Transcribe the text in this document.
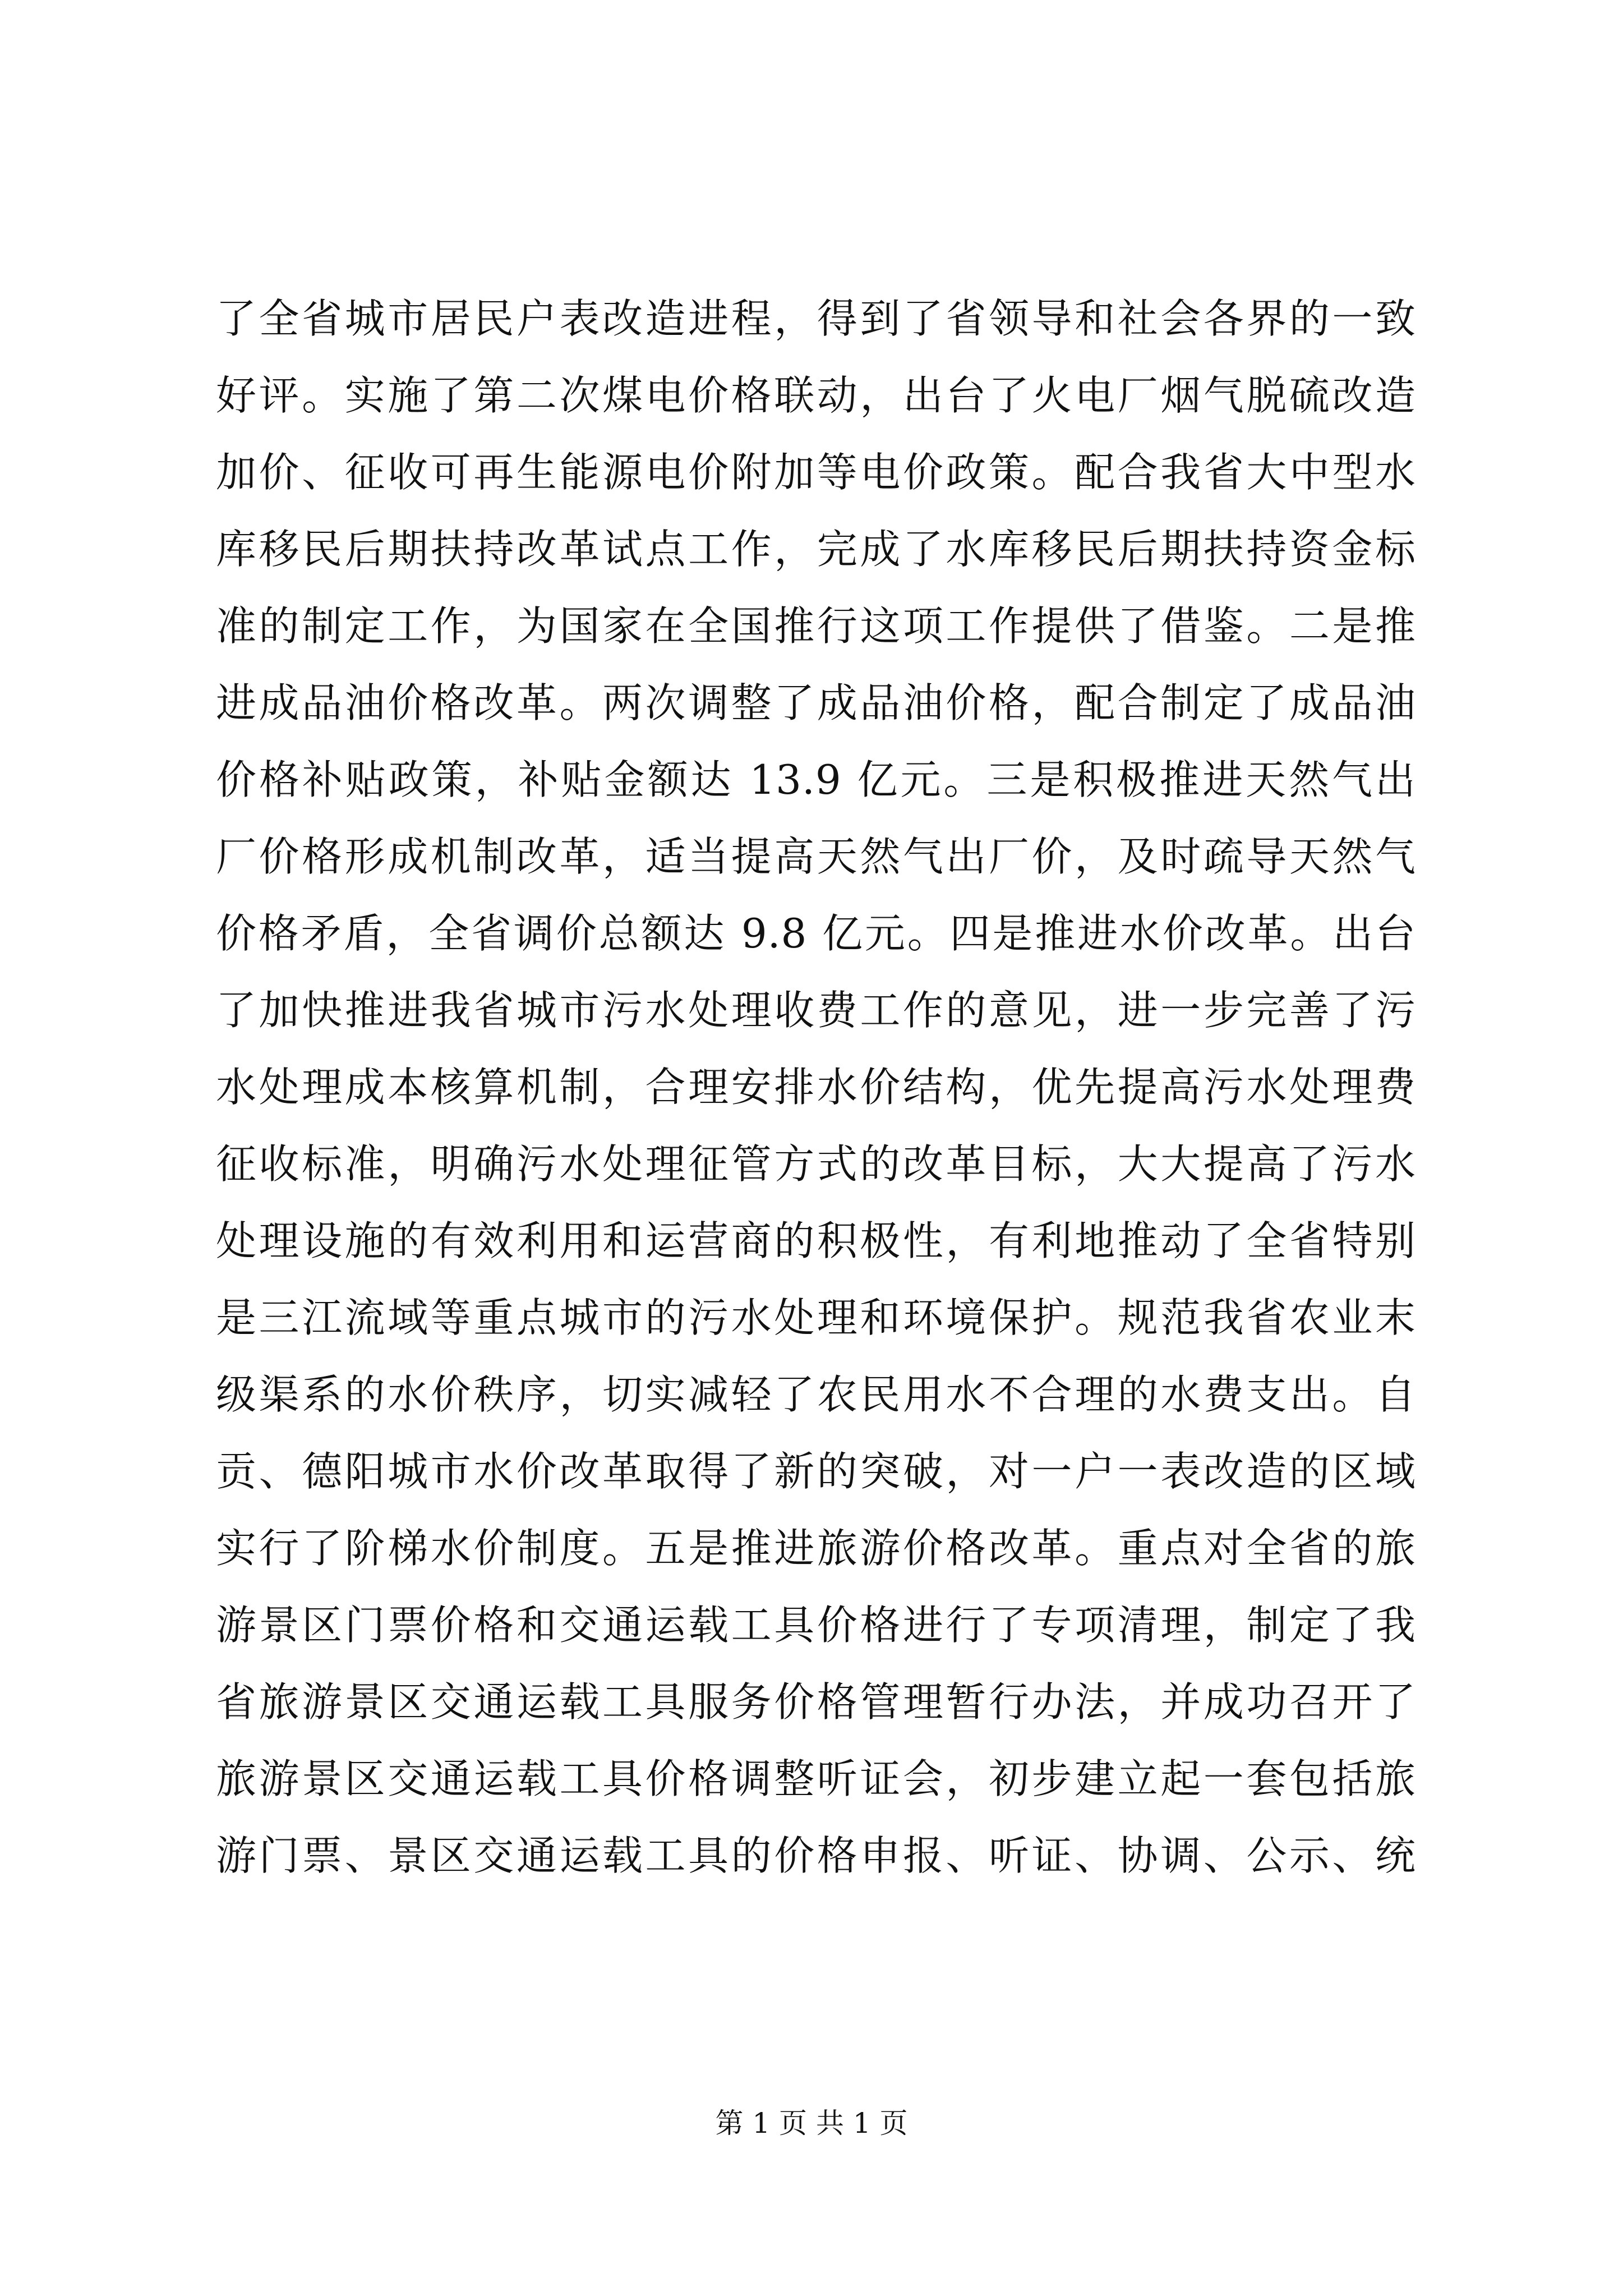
了全省城市居民户表改造进程，得到了省领导和社会各界的一致
好评。实施了第二次煤电价格联动，出台了火电厂烟气脱硫改造
加价、征收可再生能源电价附加等电价政策。配合我省大中型水
库移民后期扶持改革试点工作，完成了水库移民后期扶持资金标
准的制定工作，为国家在全国推行这项工作提供了借鉴。二是推
进成品油价格改革。两次调整了成品油价格，配合制定了成品油
价格补贴政策，补贴金额达 13.9 亿元。三是积极推进天然气出
厂价格形成机制改革，适当提高天然气出厂价，及时疏导天然气
价格矛盾，全省调价总额达 9.8 亿元。四是推进水价改革。出台
了加快推进我省城市污水处理收费工作的意见，进一步完善了污
水处理成本核算机制，合理安排水价结构，优先提高污水处理费
征收标准，明确污水处理征管方式的改革目标，大大提高了污水
处理设施的有效利用和运营商的积极性，有利地推动了全省特别
是三江流域等重点城市的污水处理和环境保护。规范我省农业末
级渠系的水价秩序，切实减轻了农民用水不合理的水费支出。自
贡、德阳城市水价改革取得了新的突破，对一户一表改造的区域
实行了阶梯水价制度。五是推进旅游价格改革。重点对全省的旅
游景区门票价格和交通运载工具价格进行了专项清理，制定了我
省旅游景区交通运载工具服务价格管理暂行办法，并成功召开了
旅游景区交通运载工具价格调整听证会，初步建立起一套包括旅
游门票、景区交通运载工具的价格申报、听证、协调、公示、统
第 1 页 共 1 页
